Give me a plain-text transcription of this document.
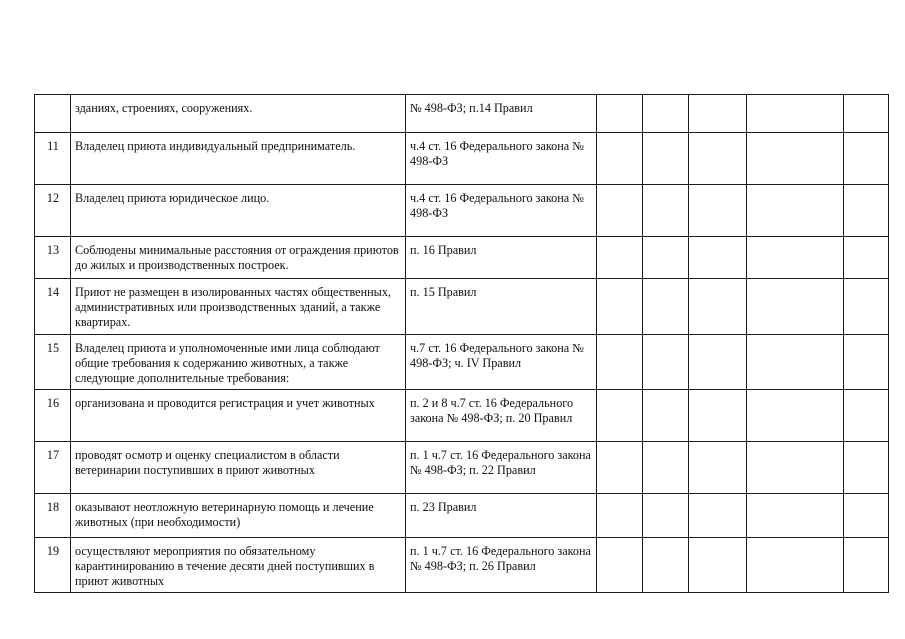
	зданиях, строениях, сооружениях.	№ 498-ФЗ; п.14 Правил					
11	Владелец приюта индивидуальный предприниматель.	ч.4 ст. 16 Федерального закона № 498-ФЗ					
12	Владелец приюта юридическое лицо.	ч.4 ст. 16 Федерального закона № 498-ФЗ					
13	Соблюдены минимальные расстояния от ограждения приютов до жилых и производственных построек.	п. 16 Правил					
14	Приют не размещен в изолированных частях общественных, административных или производственных зданий, а также квартирах.	п. 15 Правил					
15	Владелец приюта и уполномоченные ими лица соблюдают общие требования к содержанию животных, а также следующие дополнительные требования:	ч.7 ст. 16 Федерального закона № 498-ФЗ; ч. IV Правил					
16	организована и проводится регистрация и учет животных	п. 2 и 8 ч.7 ст. 16 Федерального закона № 498-ФЗ; п. 20 Правил					
17	проводят осмотр и оценку специалистом в области ветеринарии поступивших в приют животных	п. 1 ч.7 ст. 16 Федерального закона № 498-ФЗ; п. 22 Правил					
18	оказывают неотложную ветеринарную помощь и лечение животных (при необходимости)	п. 23 Правил					
19	осуществляют мероприятия по обязательному карантинированию в течение десяти дней поступивших в приют животных	п. 1 ч.7 ст. 16 Федерального закона № 498-ФЗ; п. 26 Правил					
